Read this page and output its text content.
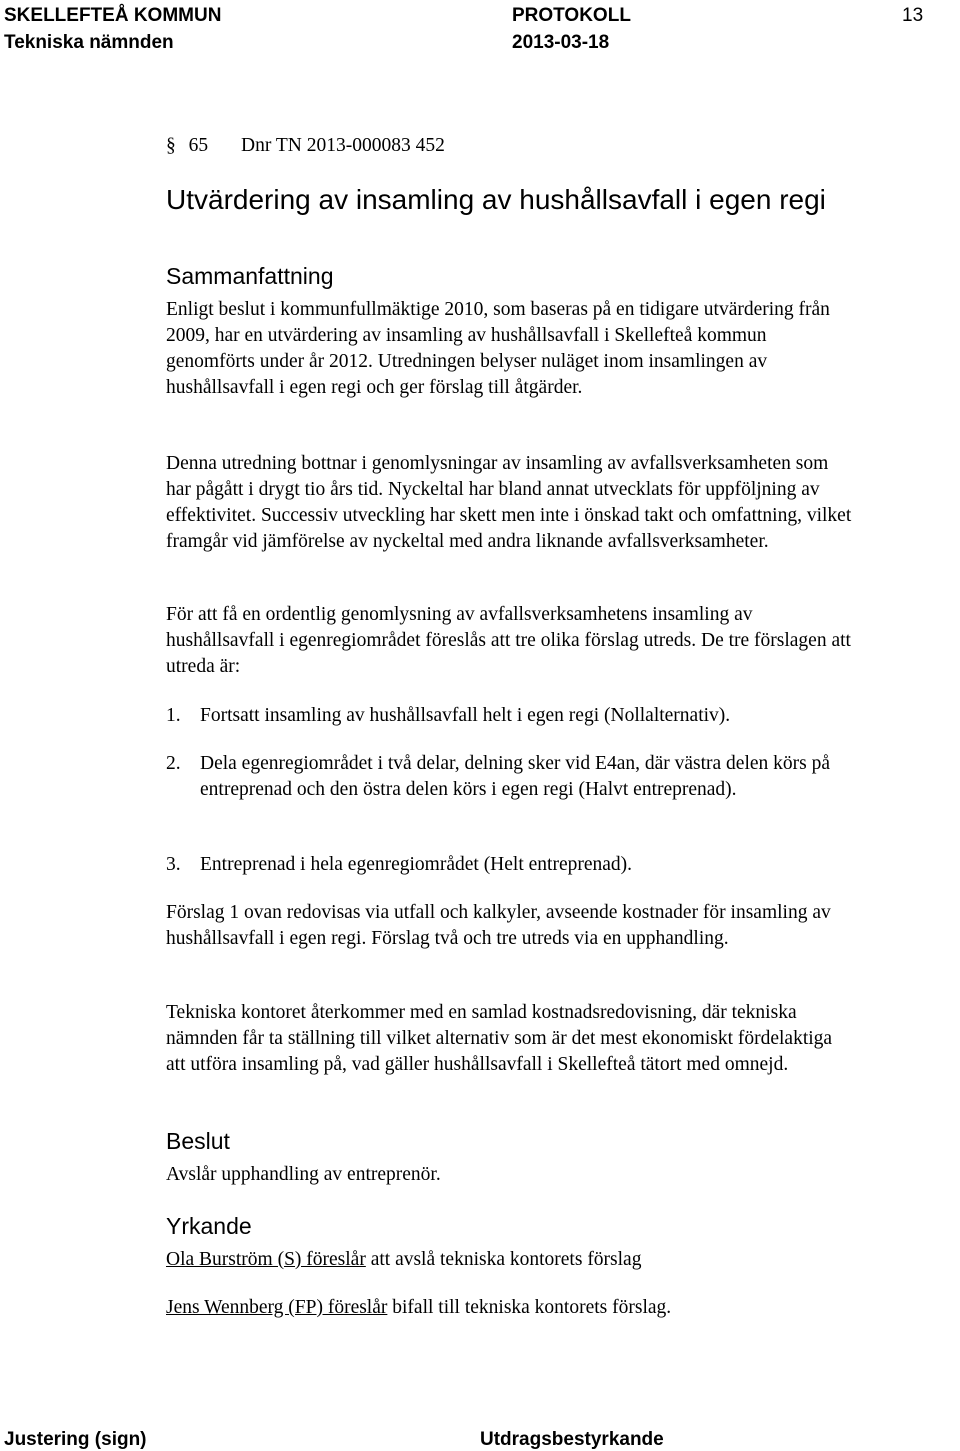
SKELLEFTEÅ KOMMUN
Tekniska nämnden
PROTOKOLL
2013-03-18
13
§ 65 Dnr TN 2013-000083 452
Utvärdering av insamling av hushållsavfall i egen regi
Sammanfattning
Enligt beslut i kommunfullmäktige 2010, som baseras på en tidigare utvärdering från 2009, har en utvärdering av insamling av hushållsavfall i Skellefteå kommun genomförts under år 2012. Utredningen belyser nuläget inom insamlingen av hushållsavfall i egen regi och ger förslag till åtgärder.
Denna utredning bottnar i genomlysningar av insamling av avfallsverksamheten som har pågått i drygt tio års tid. Nyckeltal har bland annat utvecklats för uppföljning av effektivitet. Successiv utveckling har skett men inte i önskad takt och omfattning, vilket framgår vid jämförelse av nyckeltal med andra liknande avfallsverksamheter.
För att få en ordentlig genomlysning av avfallsverksamhetens insamling av hushållsavfall i egenregiområdet föreslås att tre olika förslag utreds. De tre förslagen att utreda är:
1. Fortsatt insamling av hushållsavfall helt i egen regi (Nollalternativ).
2. Dela egenregiområdet i två delar, delning sker vid E4an, där västra delen körs på entreprenad och den östra delen körs i egen regi (Halvt entreprenad).
3. Entreprenad i hela egenregiområdet (Helt entreprenad).
Förslag 1 ovan redovisas via utfall och kalkyler, avseende kostnader för insamling av hushållsavfall i egen regi. Förslag två och tre utreds via en upphandling.
Tekniska kontoret återkommer med en samlad kostnadsredovisning, där tekniska nämnden får ta ställning till vilket alternativ som är det mest ekonomiskt fördelaktiga att utföra insamling på, vad gäller hushållsavfall i Skellefteå tätort med omnejd.
Beslut
Avslår upphandling av entreprenör.
Yrkande
Ola Burström (S) föreslår att avslå tekniska kontorets förslag
Jens Wennberg (FP) föreslår bifall till tekniska kontorets förslag.
Justering (sign)	Utdragsbestyrkande
